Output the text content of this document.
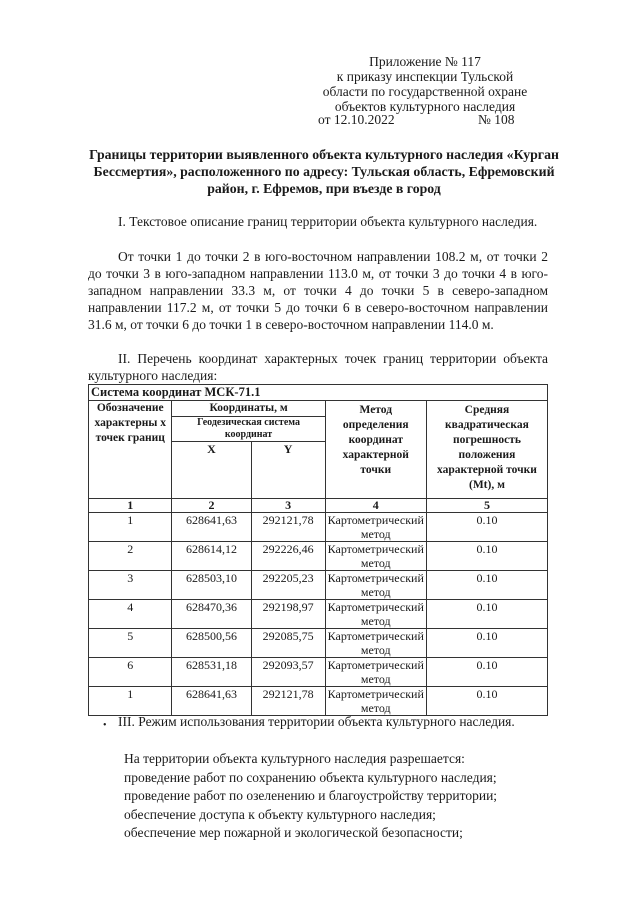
Приложение № 117
к приказу инспекции Тульской
области по государственной охране
объектов культурного наследия
от 12.10.2022	№ 108
Границы территории выявленного объекта культурного наследия «Курган Бессмертия», расположенного по адресу: Тульская область, Ефремовский район, г. Ефремов, при въезде в город

I. Текстовое описание границ территории объекта культурного наследия.

От точки 1 до точки 2 в юго-восточном направлении 108.2 м, от точки 2 до точки 3 в юго-западном направлении 113.0 м, от точки 3 до точки 4 в юго-западном направлении 33.3 м, от точки 4 до точки 5 в северо-западном направлении 117.2 м, от точки 5 до точки 6 в северо-восточном направлении 31.6 м, от точки 6 до точки 1 в северо-восточном направлении 114.0 м.

II. Перечень координат характерных точек границ территории объекта культурного наследия:

Система координат МСК-71.1				
Обозначение характерны х точек границ	Координаты, м		Метод определения координат характерной точки	Средняя квадратическая погрешность положения характерной точки (Mt), м
	Геодезическая система координат			
	X	Y		
1	2	3	4	5
1	628641,63	292121,78	Картометрический метод	0.10
2	628614,12	292226,46	Картометрический метод	0.10
3	628503,10	292205,23	Картометрический метод	0.10
4	628470,36	292198,97	Картометрический метод	0.10
5	628500,56	292085,75	Картометрический метод	0.10
6	628531,18	292093,57	Картометрический метод	0.10
1	628641,63	292121,78	Картометрический метод	0.10
• III. Режим использования территории объекта культурного наследия.

На территории объекта культурного наследия разрешается:
проведение работ по сохранению объекта культурного наследия;
проведение работ по озеленению и благоустройству территории;
обеспечение доступа к объекту культурного наследия;
обеспечение мер пожарной и экологической безопасности;
